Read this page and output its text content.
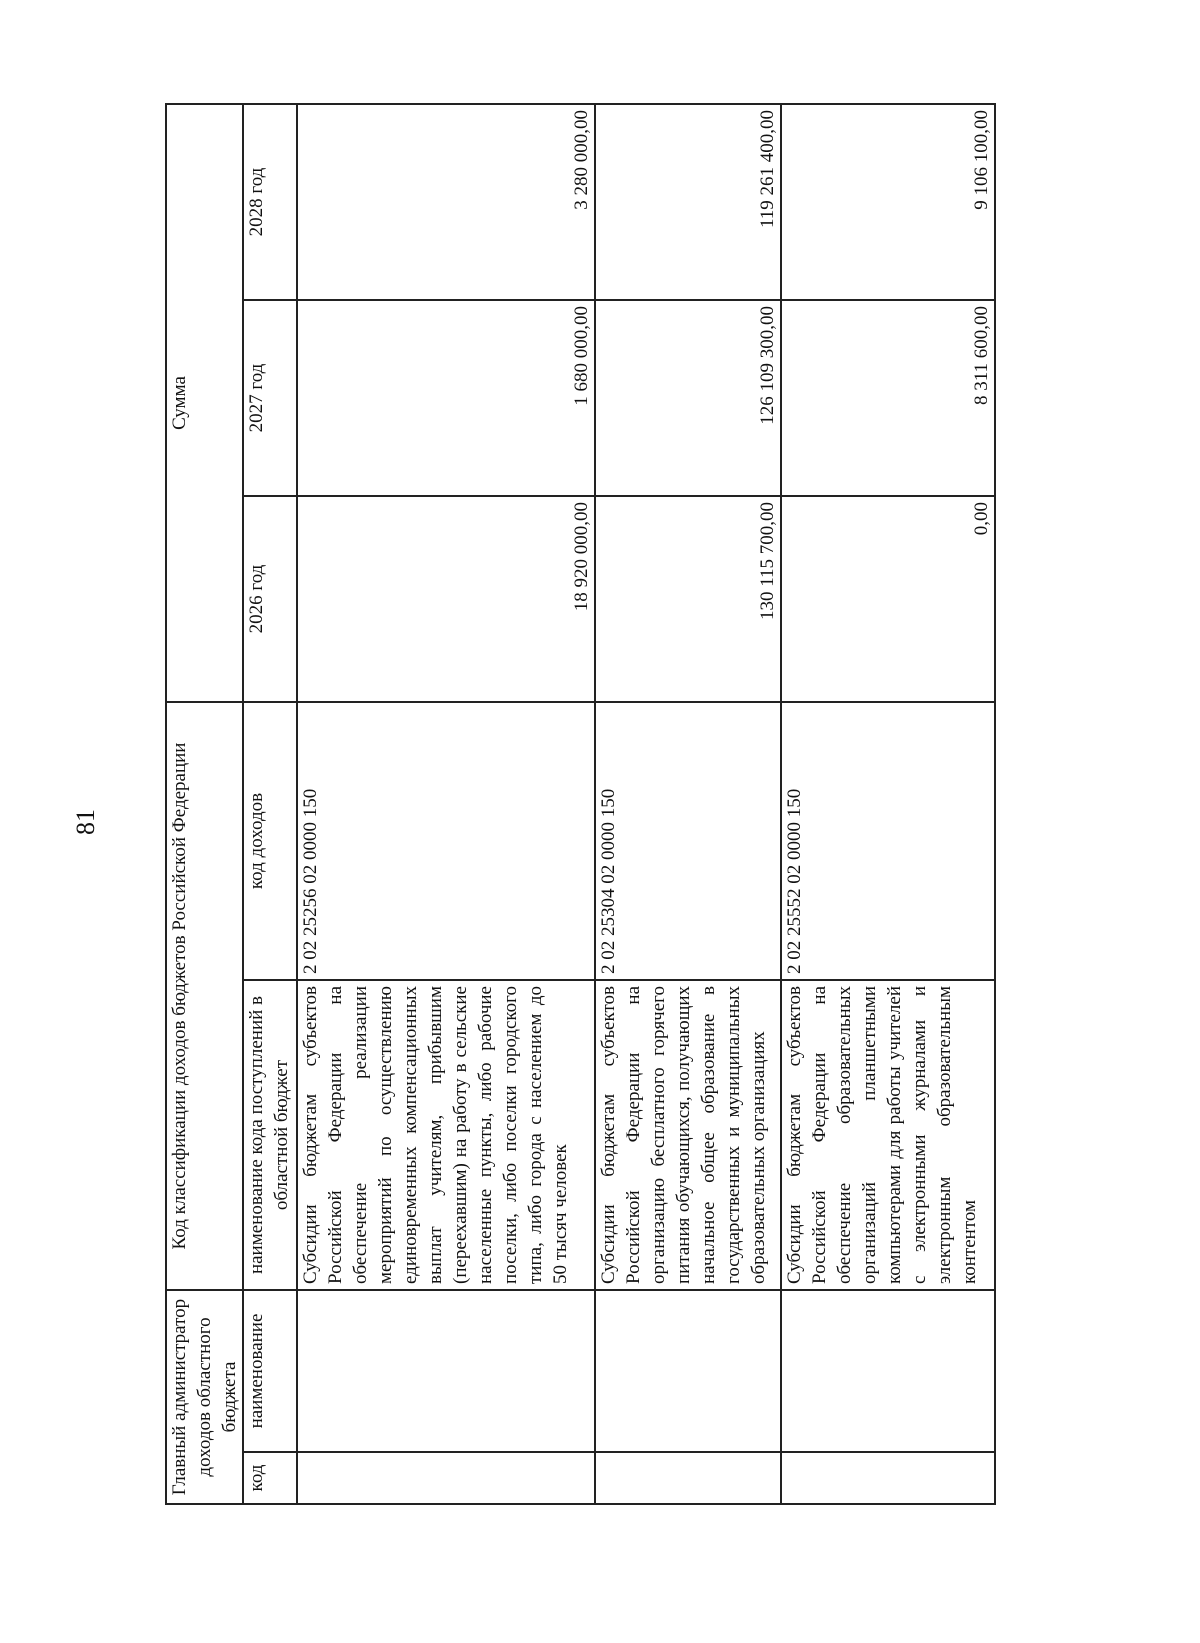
81
Главный администратор доходов областного бюджета		Код классификации доходов бюджетов Российской Федерации		Сумма		
код	наименование	наименование кода поступлений в областной бюджет	код доходов	2026 год	2027 год	2028 год
		Субсидии бюджетам субъектов Российской Федерации на обеспечение реализации мероприятий по осуществлению единовременных компенсационных выплат учителям, прибывшим (переехавшим) на работу в сельские населенные пункты, либо рабочие поселки, либо поселки городского типа, либо города с населением до 50 тысяч человек	2 02 25256 02 0000 150	18 920 000,00	1 680 000,00	3 280 000,00
		Субсидии бюджетам субъектов Российской Федерации на организацию бесплатного горячего питания обучающихся, получающих начальное общее образование в государственных и муниципальных образовательных организациях	2 02 25304 02 0000 150	130 115 700,00	126 109 300,00	119 261 400,00
		Субсидии бюджетам субъектов Российской Федерации на обеспечение образовательных организаций планшетными компьютерами для работы учителей с электронными журналами и электронным образовательным контентом	2 02 25552 02 0000 150	0,00	8 311 600,00	9 106 100,00
